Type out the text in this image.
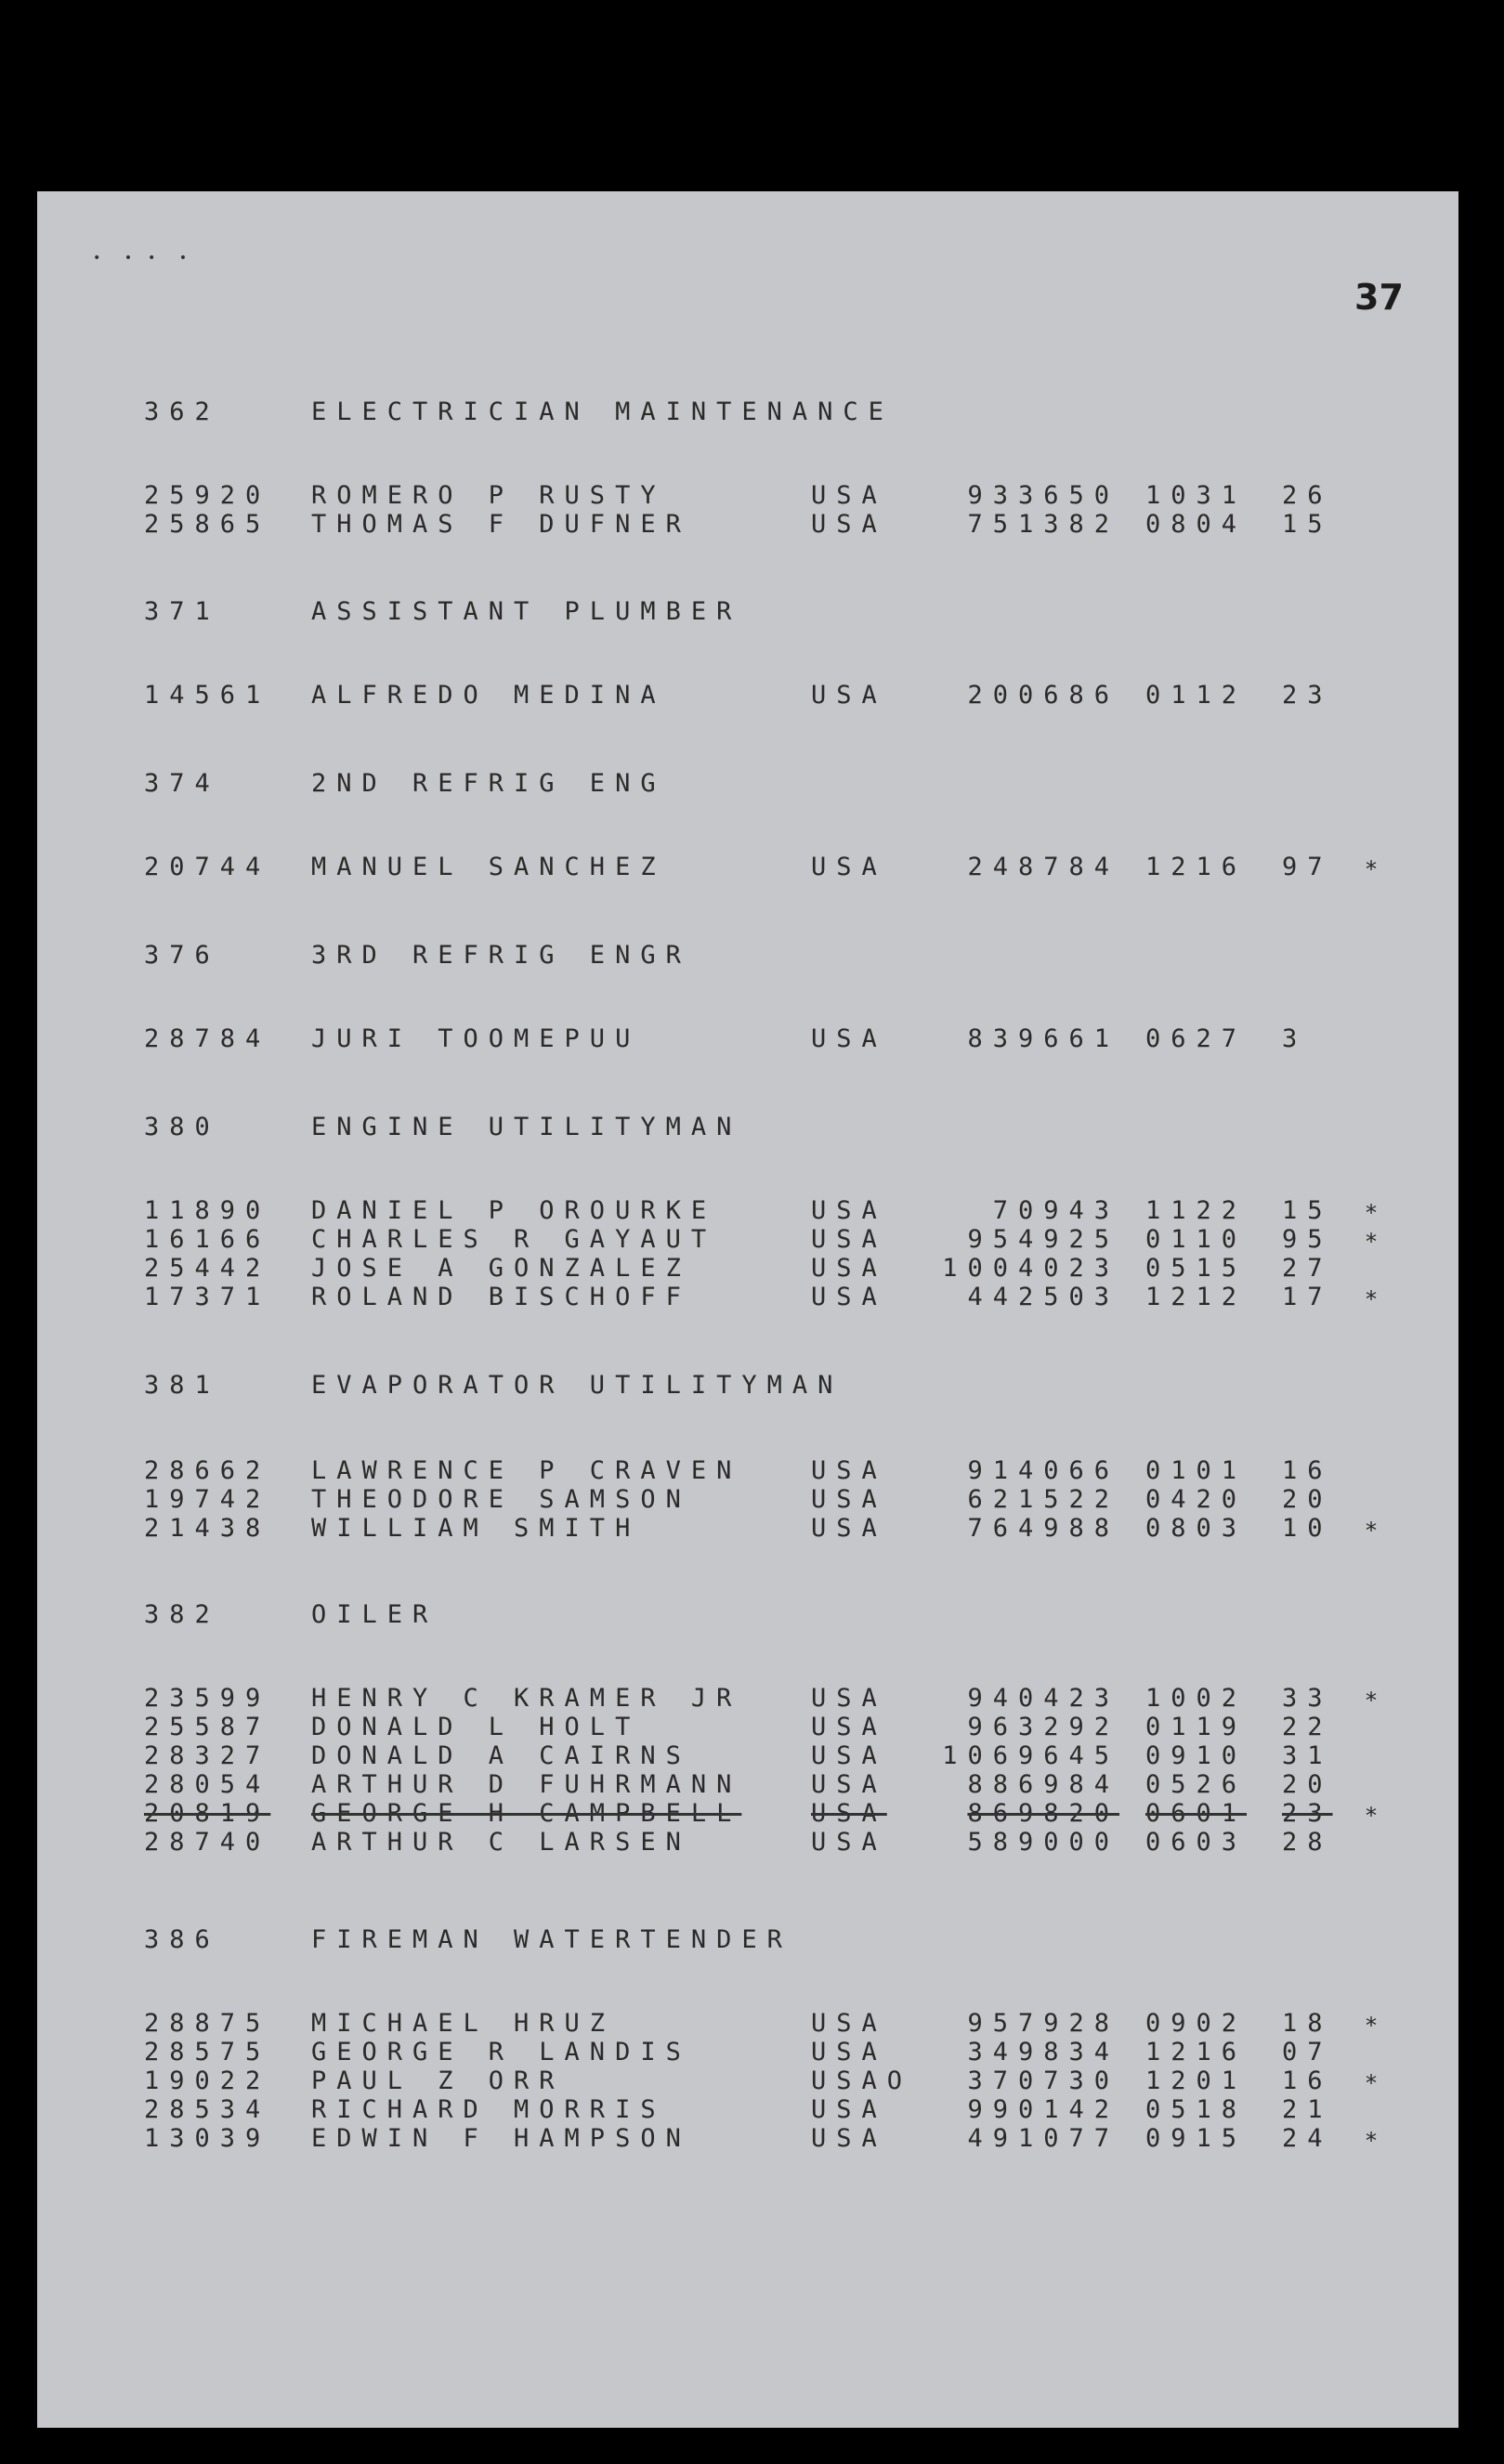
•   •  •   •
37
362	ELECTRICIAN MAINTENANCE
25920 ROMERO P RUSTY	USA	933650 1031 26
25865 THOMAS F DUFNER	USA	751382 0804 15
371	ASSISTANT PLUMBER
14561 ALFREDO MEDINA	USA	200686 0112 23
374	2ND REFRIG ENG
20744 MANUEL SANCHEZ	USA	248784 1216 97 *
376	3RD REFRIG ENGR
28784 JURI TOOMEPUU	USA	839661 0627 3
380	ENGINE UTILITYMAN
11890 DANIEL P OROURKE	USA	70943 1122 15 *
16166 CHARLES R GAYAUT	USA	954925 0110 95 *
25442 JOSE A GONZALEZ	USA 1004023 0515 27
17371 ROLAND BISCHOFF	USA	442503 1212 17 *
381	EVAPORATOR UTILITYMAN
28662 LAWRENCE P CRAVEN	USA	914066 0101 16
19742 THEODORE SAMSON	USA	621522 0420 20
21438 WILLIAM SMITH	USA	764988 0803 10 *
382	OILER
23599 HENRY C KRAMER JR	USA	940423 1002 33 *
25587 DONALD L HOLT	USA	963292 0119 22
28327 DONALD A CAIRNS	USA 1069645 0910 31
28054 ARTHUR D FUHRMANN	USA	886984 0526 20
20819 GEORGE H CAMPBELL	USA	869820 0601 23 *
28740 ARTHUR C LARSEN	USA	589000 0603 28
386	FIREMAN WATERTENDER
28875 MICHAEL HRUZ	USA	957928 0902 18 *
28575 GEORGE R LANDIS	USA	349834 1216 07
19022 PAUL Z ORR	USAO 370730 1201 16 *
28534 RICHARD MORRIS	USA	990142 0518 21
13039 EDWIN F HAMPSON	USA	491077 0915 24 *
